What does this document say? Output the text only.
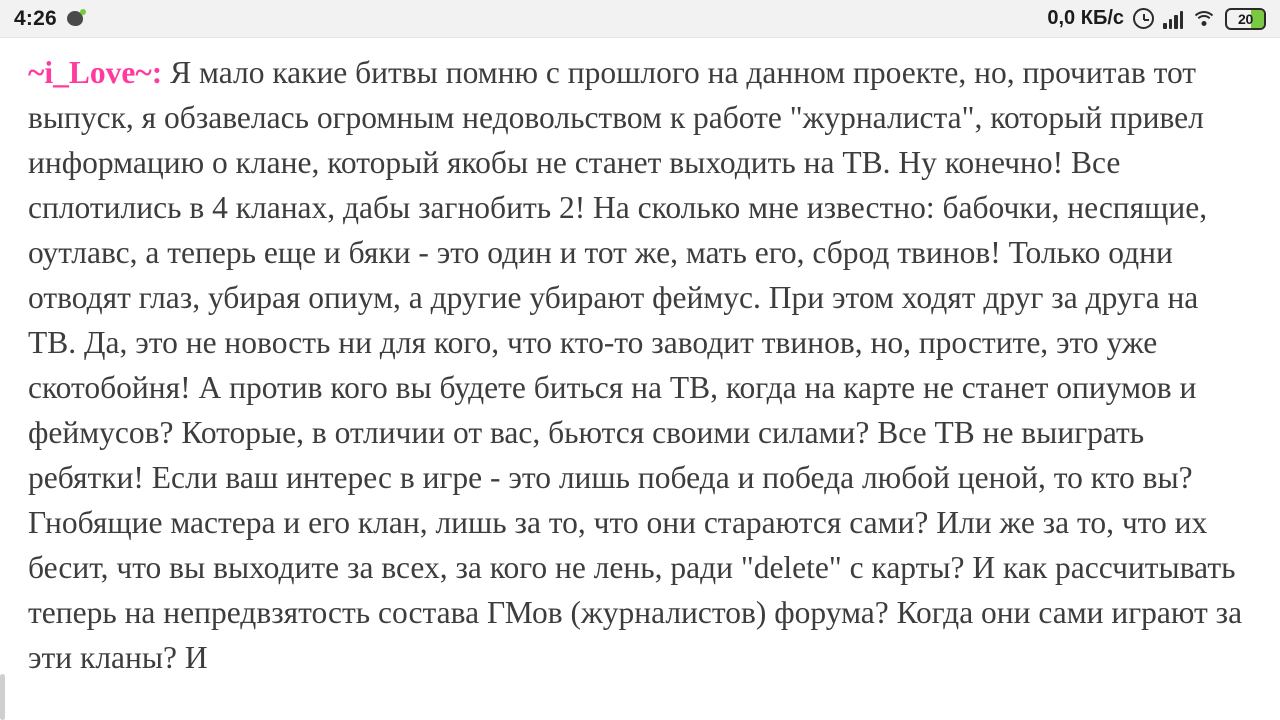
4:26	0,0 КБ/с	20
~i_Love~: Я мало какие битвы помню с прошлого на данном проекте, но, прочитав тот выпуск, я обзавелась огромным недовольством к работе "журналиста", который привел информацию о клане, который якобы не станет выходить на ТВ. Ну конечно! Все сплотились в 4 кланах, дабы загнобить 2! На сколько мне известно: бабочки, неспящие, оутлавс, а теперь еще и бяки - это один и тот же, мать его, сброд твинов! Только одни отводят глаз, убирая опиум, а другие убирают феймус. При этом ходят друг за друга на ТВ. Да, это не новость ни для кого, что кто-то заводит твинов, но, простите, это уже скотобойня! А против кого вы будете биться на ТВ, когда на карте не станет опиумов и феймусов? Которые, в отличии от вас, бьются своими силами? Все ТВ не выиграть ребятки! Если ваш интерес в игре - это лишь победа и победа любой ценой, то кто вы? Гнобящие мастера и его клан, лишь за то, что они стараются сами? Или же за то, что их бесит, что вы выходите за всех, за кого не лень, ради "delete" с карты? И как рассчитывать теперь на непредвзятость состава ГМов (журналистов) форума? Когда они сами играют за эти кланы? И
